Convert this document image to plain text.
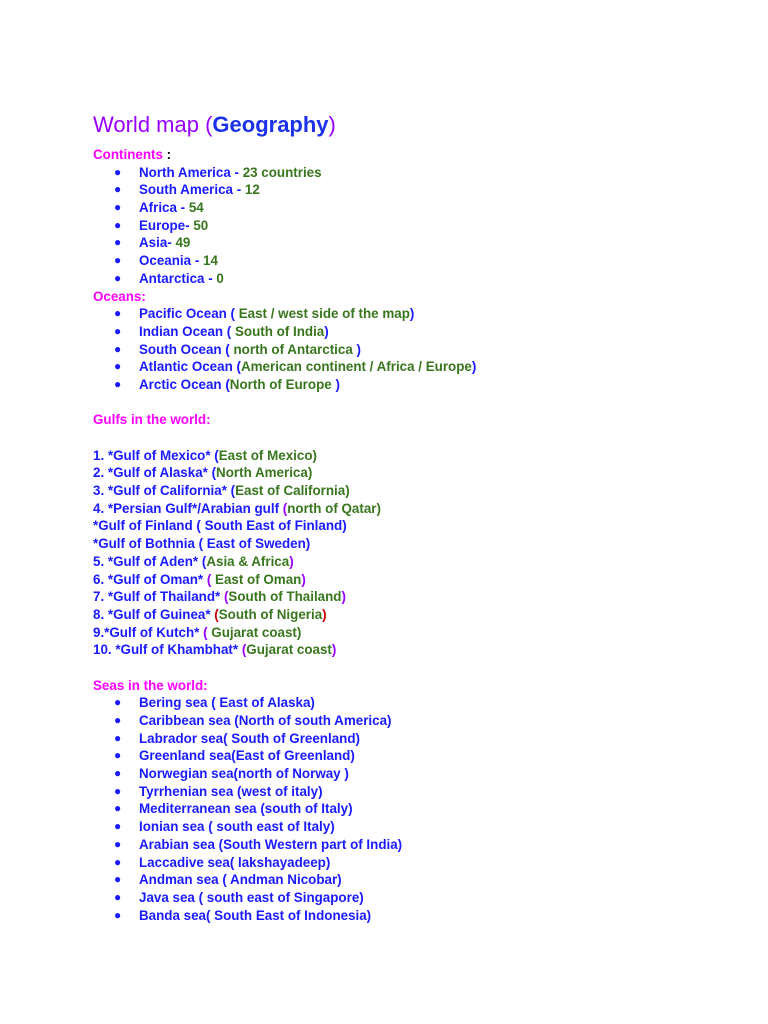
World map (Geography)
Continents :
● North America - 23 countries
● South America - 12
● Africa - 54
● Europe- 50
● Asia- 49
● Oceania - 14
● Antarctica - 0
Oceans:
● Pacific Ocean ( East / west side of the map)
● Indian Ocean ( South of India)
● South Ocean ( north of Antarctica )
● Atlantic Ocean (American continent / Africa / Europe)
● Arctic Ocean (North of Europe )
Gulfs in the world:
1. *Gulf of Mexico* (East of Mexico)
2. *Gulf of Alaska* (North America)
3. *Gulf of California* (East of California)
4. *Persian Gulf*/Arabian gulf (north of Qatar)
*Gulf of Finland ( South East of Finland)
*Gulf of Bothnia ( East of Sweden)
5. *Gulf of Aden* (Asia & Africa)
6. *Gulf of Oman* ( East of Oman)
7. *Gulf of Thailand* (South of Thailand)
8. *Gulf of Guinea* (South of Nigeria)
9.*Gulf of Kutch* ( Gujarat coast)
10. *Gulf of Khambhat* (Gujarat coast)
Seas in the world:
● Bering sea ( East of Alaska)
● Caribbean sea (North of south America)
● Labrador sea( South of Greenland)
● Greenland sea(East of Greenland)
● Norwegian sea(north of Norway )
● Tyrrhenian sea (west of italy)
● Mediterranean sea (south of Italy)
● Ionian sea ( south east of Italy)
● Arabian sea (South Western part of India)
● Laccadive sea( lakshayadeep)
● Andman sea ( Andman Nicobar)
● Java sea ( south east of Singapore)
● Banda sea( South East of Indonesia)
